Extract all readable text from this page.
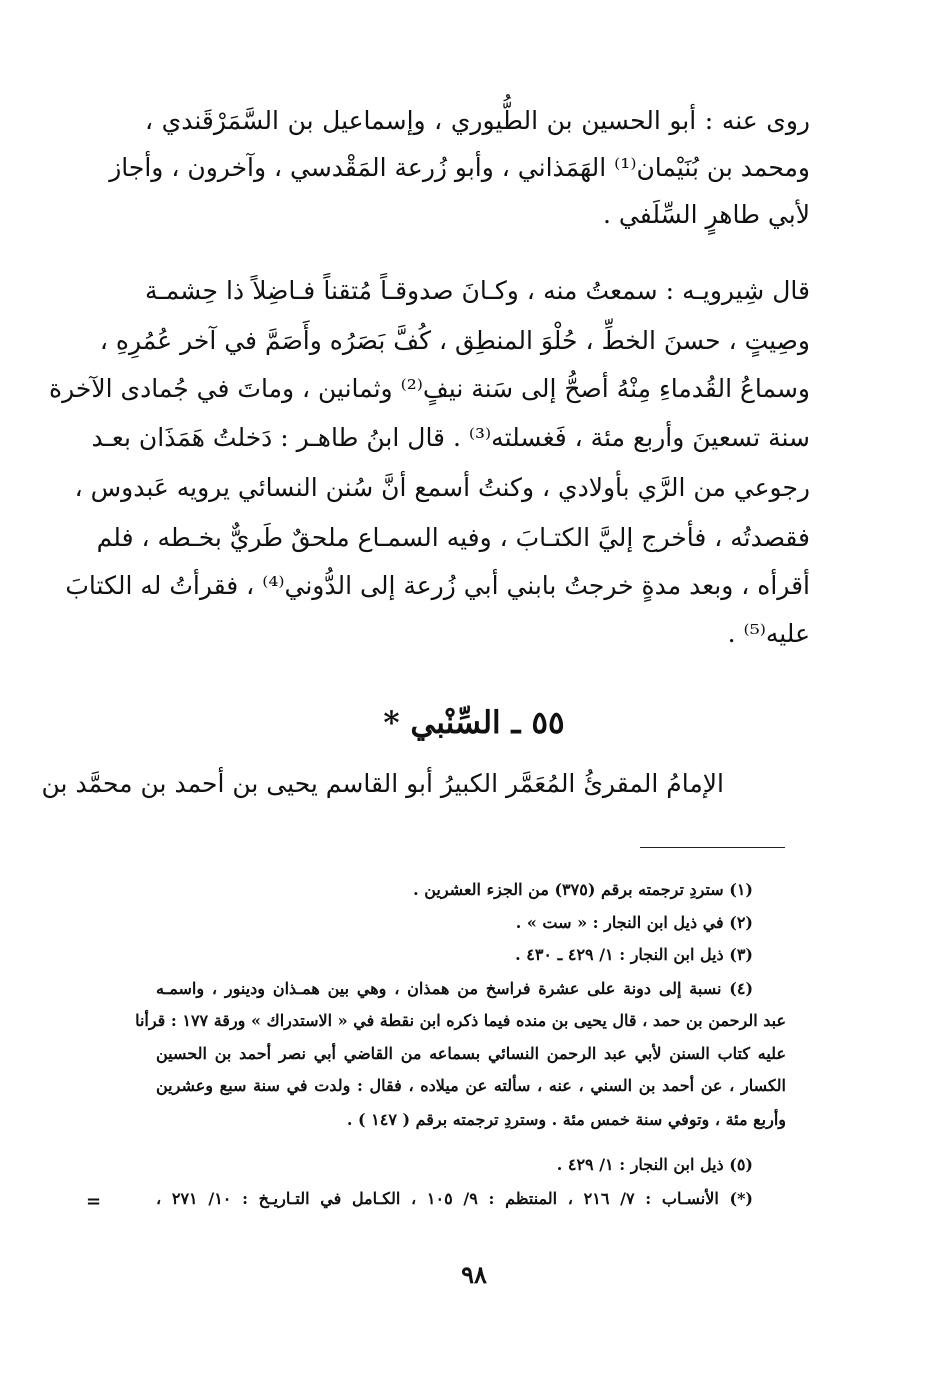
روى عنه : أبو الحسين بن الطُّيوري ، وإسماعيل بن السَّمَرْقَندي ،
ومحمد بن بُنَيْمان⁽¹⁾ الهَمَذاني ، وأبو زُرعة المَقْدسي ، وآخرون ، وأجاز
لأبي طاهرٍ السِّلَفي .
قال شِيرويـه : سمعتُ منه ، وكـانَ صدوقـاً مُتقناً فـاضِلاً ذا حِشمـة
وصِيتٍ ، حسنَ الخطِّ ، حُلْوَ المنطِق ، كُفَّ بَصَرُه وأَصَمَّ في آخر عُمُرِهِ ،
وسماعُ القُدماءِ مِنْهُ أصحُّ إلى سَنة نيفٍ⁽²⁾ وثمانين ، وماتَ في جُمادى الآخرة
سنة تسعينَ وأربع مئة ، فَغسلته⁽³⁾ . قال ابنُ طاهـر : دَخلتُ هَمَذَان بعـد
رجوعي من الرَّي بأولادي ، وكنتُ أسمع أنَّ سُنن النسائي يرويه عَبدوس ،
فقصدتُه ، فأخرج إليَّ الكتـابَ ، وفيه السمـاع ملحقٌ طَريٌّ بخـطه ، فلم
أقرأه ، وبعد مدةٍ خرجتُ بابني أبي زُرعة إلى الدُّوني⁽⁴⁾ ، فقرأتُ له الكتابَ
عليه⁽⁵⁾ .
٥٥ ـ السِّنْبي *
الإمامُ المقرئُ المُعَمَّر الكبيرُ أبو القاسم يحيى بن أحمد بن محمَّد بن
(١) ستردِ ترجمته برقم (٣٧٥) من الجزء العشرين .
(٢) في ذيل ابن النجار : « ست » .
(٣) ذيل ابن النجار : ١/ ٤٢٩ ـ ٤٣٠ .
(٤) نسبة إلى دونة على عشرة فراسخ من همذان ، وهي بين همـذان ودينور ، واسمـه
عبد الرحمن بن حمد ، قال يحيى بن منده فيما ذكره ابن نقطة في « الاستدراك » ورقة ١٧٧ : قرأنا
عليه كتاب السنن لأبي عبد الرحمن النسائي بسماعه من القاضي أبي نصر أحمد بن الحسين
الكسار ، عن أحمد بن السني ، عنه ، سألته عن ميلاده ، فقال : ولدت في سنة سبع وعشرين
وأربع مئة ، وتوفي سنة خمس مئة . وستردِ ترجمته برقم ( ١٤٧ ) .
(٥) ذيل ابن النجار : ١/ ٤٢٩ .
(*) الأنسـاب : ٧/ ٢١٦ ، المنتظم : ٩/ ١٠٥ ، الكـامل في التـاريـخ : ١٠/ ٢٧١ ،
=
٩٨
